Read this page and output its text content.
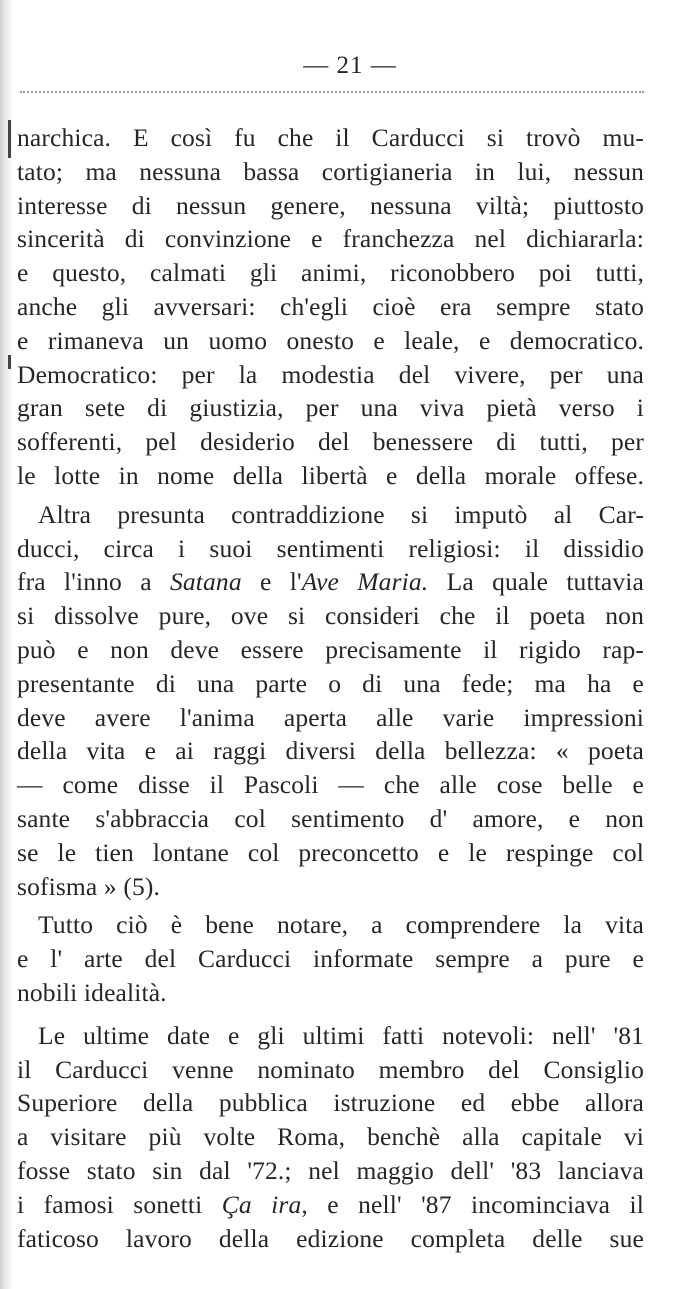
— 21 —
narchica. E così fu che il Carducci si trovò mu-
tato; ma nessuna bassa cortigianeria in lui, nessun
interesse di nessun genere, nessuna viltà; piuttosto
sincerità di convinzione e franchezza nel dichiararla:
e questo, calmati gli animi, riconobbero poi tutti,
anche gli avversari: ch'egli cioè era sempre stato
e rimaneva un uomo onesto e leale, e democratico.
Democratico: per la modestia del vivere, per una
gran sete di giustizia, per una viva pietà verso i
sofferenti, pel desiderio del benessere di tutti, per
le lotte in nome della libertà e della morale offese.
Altra presunta contraddizione si imputò al Car-
ducci, circa i suoi sentimenti religiosi: il dissidio
fra l'inno a Satana e l'Ave Maria. La quale tuttavia
si dissolve pure, ove si consideri che il poeta non
può e non deve essere precisamente il rigido rap-
presentante di una parte o di una fede; ma ha e
deve avere l'anima aperta alle varie impressioni
della vita e ai raggi diversi della bellezza: « poeta
— come disse il Pascoli — che alle cose belle e
sante s'abbraccia col sentimento d' amore, e non
se le tien lontane col preconcetto e le respinge col
sofisma » (5).
Tutto ciò è bene notare, a comprendere la vita
e l' arte del Carducci informate sempre a pure e
nobili idealità.
Le ultime date e gli ultimi fatti notevoli: nell' '81
il Carducci venne nominato membro del Consiglio
Superiore della pubblica istruzione ed ebbe allora
a visitare più volte Roma, benchè alla capitale vi
fosse stato sin dal '72.; nel maggio dell' '83 lanciava
i famosi sonetti Ça ira, e nell' '87 incominciava il
faticoso lavoro della edizione completa delle sue
